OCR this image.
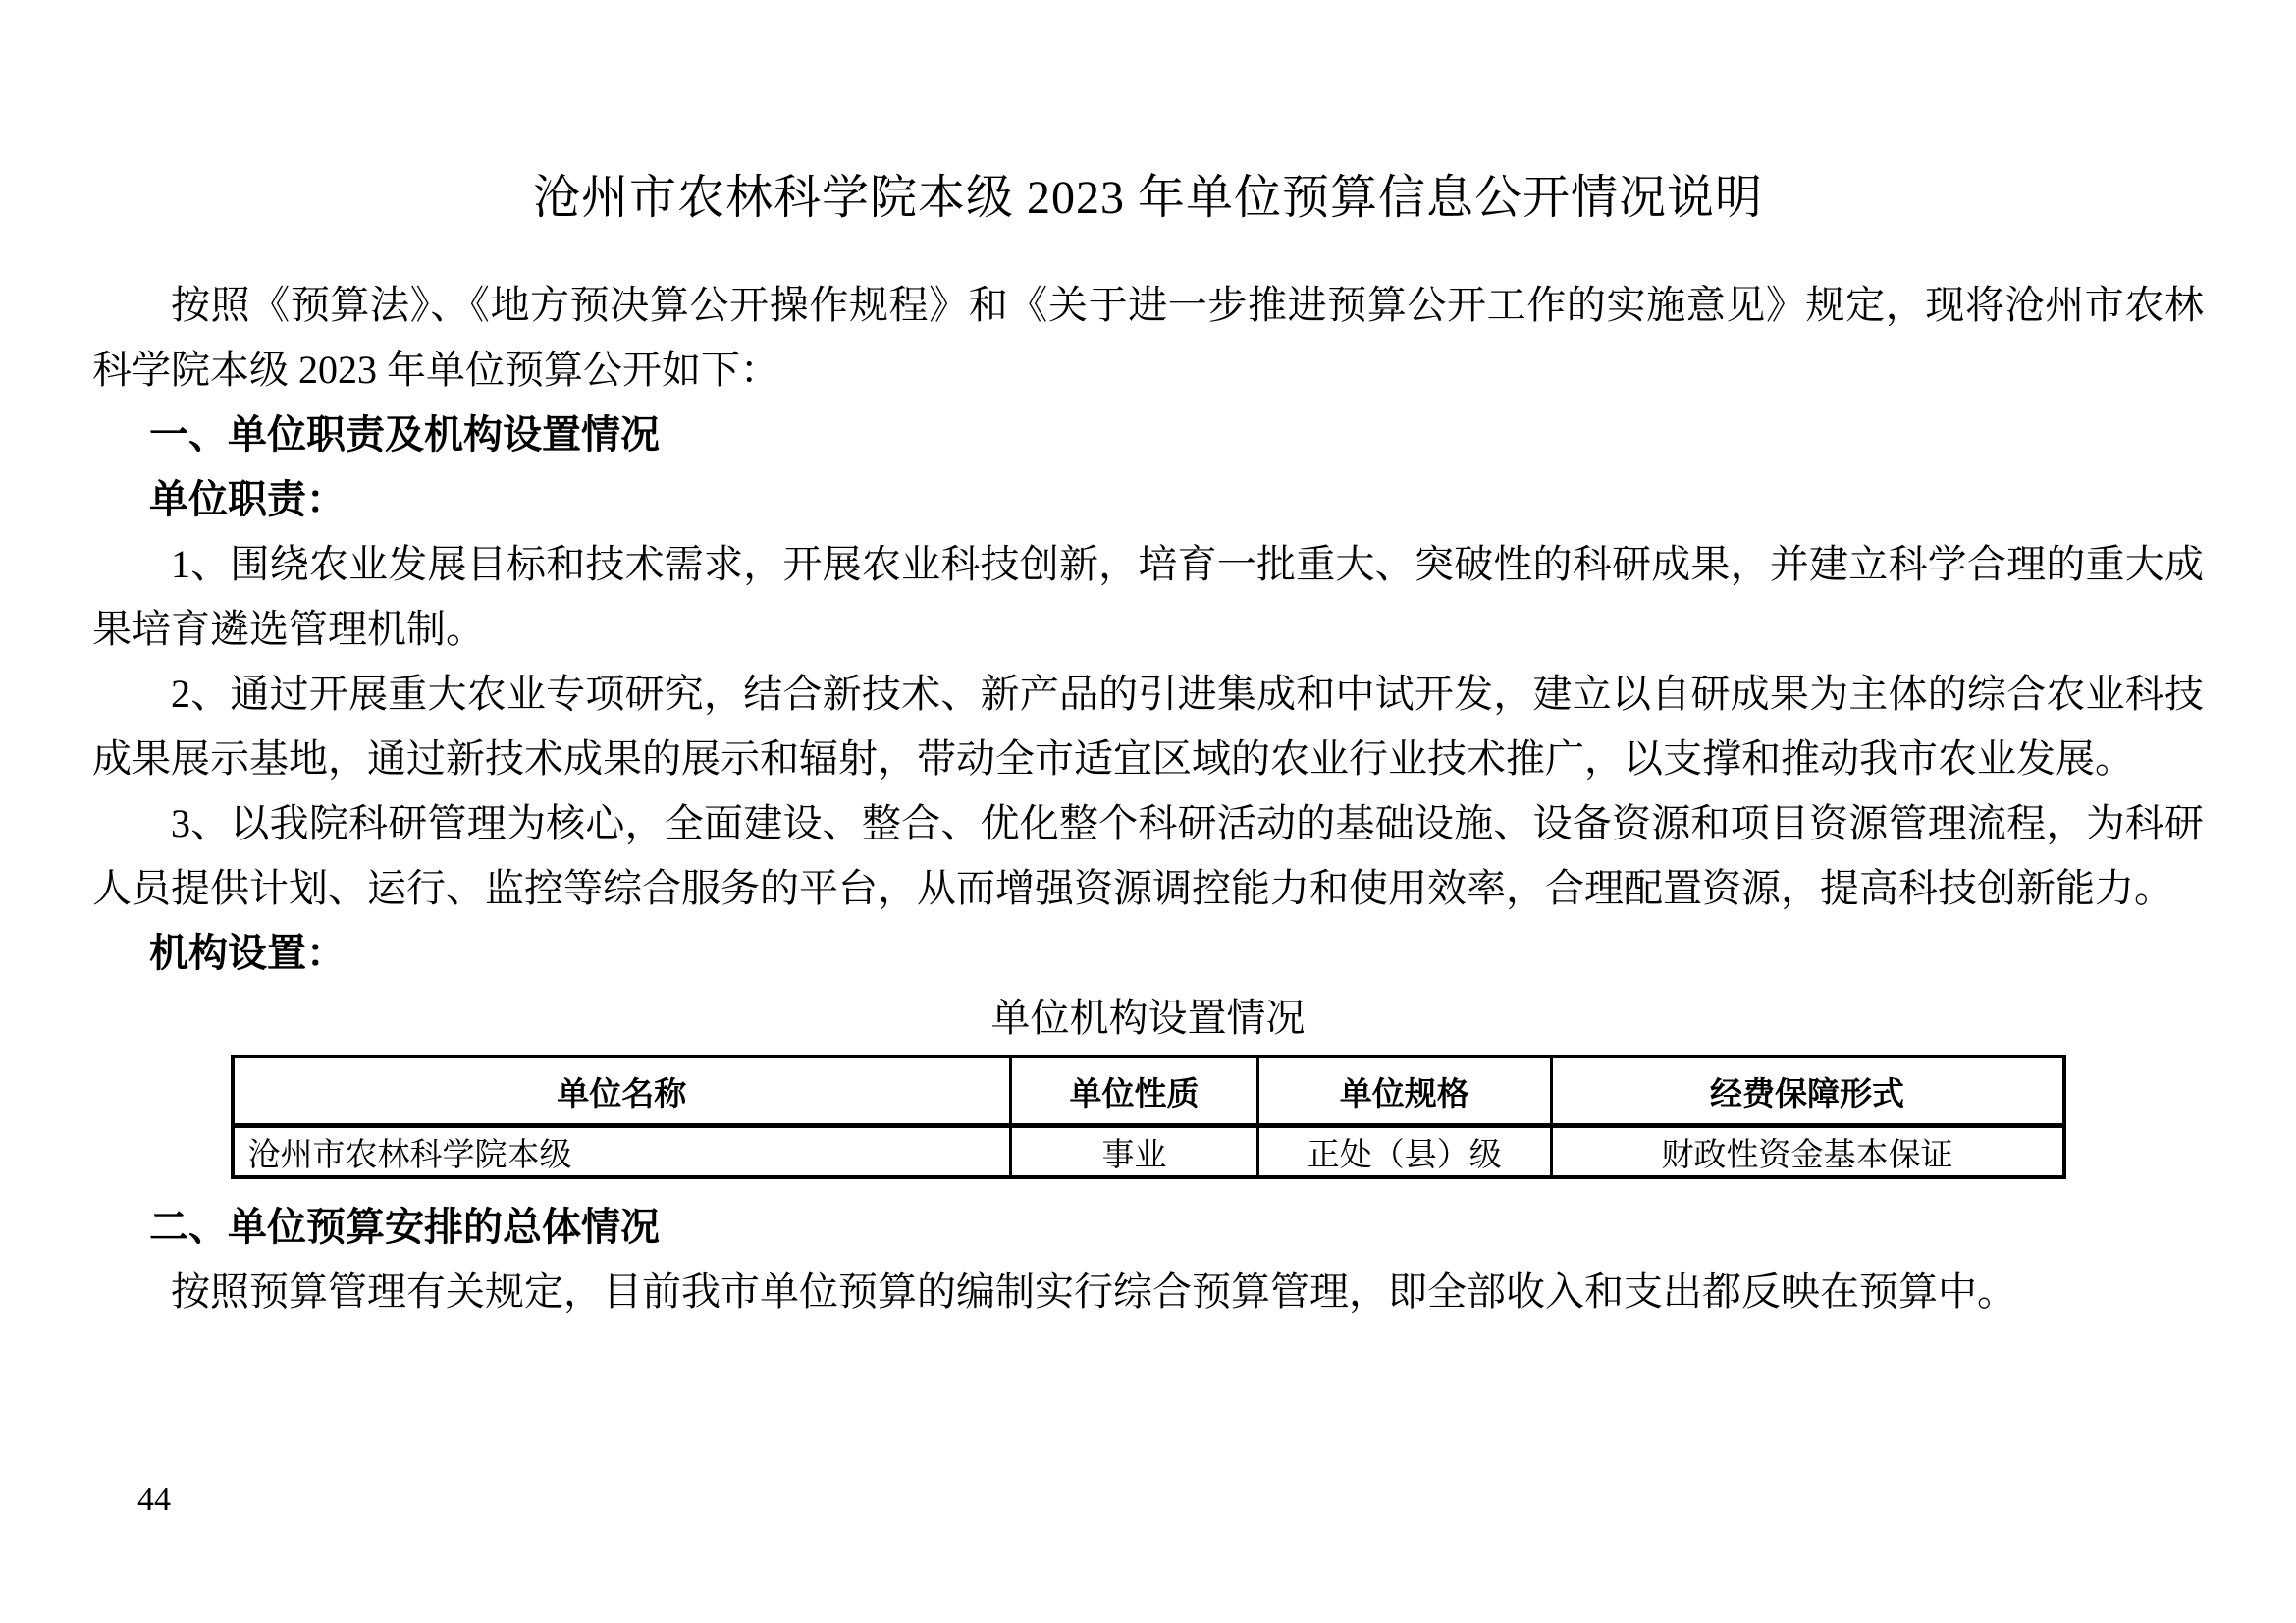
沧州市农林科学院本级 2023 年单位预算信息公开情况说明

按照《预算法》、《地方预决算公开操作规程》和《关于进一步推进预算公开工作的实施意见》规定，现将沧州市农林科学院本级 2023 年单位预算公开如下：

一、单位职责及机构设置情况
单位职责：

1、围绕农业发展目标和技术需求，开展农业科技创新，培育一批重大、突破性的科研成果，并建立科学合理的重大成果培育遴选管理机制。

2、通过开展重大农业专项研究，结合新技术、新产品的引进集成和中试开发，建立以自研成果为主体的综合农业科技成果展示基地，通过新技术成果的展示和辐射，带动全市适宜区域的农业行业技术推广，以支撑和推动我市农业发展。

3、以我院科研管理为核心，全面建设、整合、优化整个科研活动的基础设施、设备资源和项目资源管理流程，为科研人员提供计划、运行、监控等综合服务的平台，从而增强资源调控能力和使用效率，合理配置资源，提高科技创新能力。

机构设置：
单位机构设置情况
单位名称	单位性质	单位规格	经费保障形式
沧州市农林科学院本级	事业	正处（县）级	财政性资金基本保证
二、单位预算安排的总体情况

按照预算管理有关规定，目前我市单位预算的编制实行综合预算管理，即全部收入和支出都反映在预算中。

44
